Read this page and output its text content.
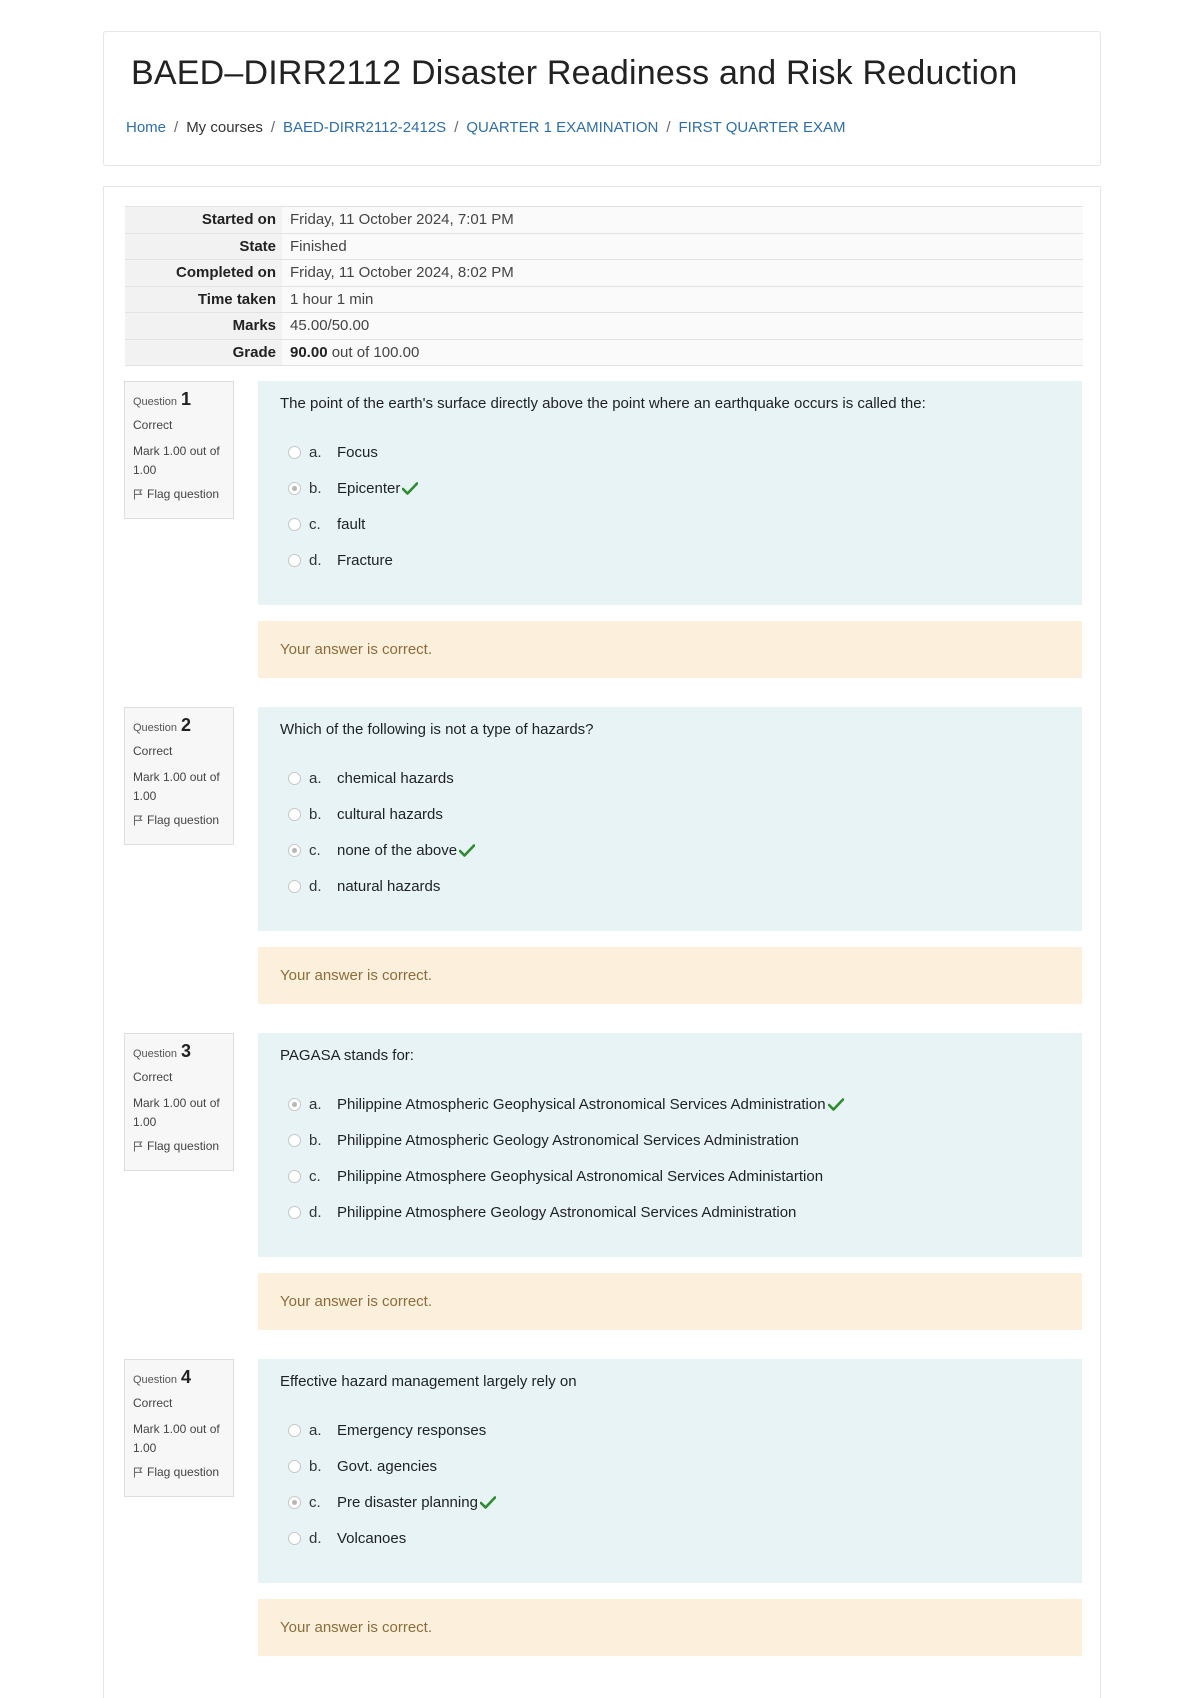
BAED–DIRR2112 Disaster Readiness and Risk Reduction
Home / My courses / BAED-DIRR2112-2412S / QUARTER 1 EXAMINATION / FIRST QUARTER EXAM
Started on	Friday, 11 October 2024, 7:01 PM
State	Finished
Completed on	Friday, 11 October 2024, 8:02 PM
Time taken	1 hour 1 min
Marks	45.00/50.00
Grade	90.00 out of 100.00
Question 1
Correct
Mark 1.00 out of 1.00
Flag question

The point of the earth's surface directly above the point where an earthquake occurs is called the:

a.	Focus
b.	Epicenter
c.	fault
d.	Fracture
Your answer is correct.
Question 2
Correct
Mark 1.00 out of 1.00
Flag question

Which of the following is not a type of hazards?

a.	chemical hazards
b.	cultural hazards
c.	none of the above
d.	natural hazards
Your answer is correct.
Question 3
Correct
Mark 1.00 out of 1.00
Flag question

PAGASA stands for:

a.	Philippine Atmospheric Geophysical Astronomical Services Administration
b.	Philippine Atmospheric Geology Astronomical Services Administration
c.	Philippine Atmosphere Geophysical Astronomical Services Administartion
d.	Philippine Atmosphere Geology Astronomical Services Administration
Your answer is correct.
Question 4
Correct
Mark 1.00 out of 1.00
Flag question

Effective hazard management largely rely on

a.	Emergency responses
b.	Govt. agencies
c.	Pre disaster planning
d.	Volcanoes
Your answer is correct.
